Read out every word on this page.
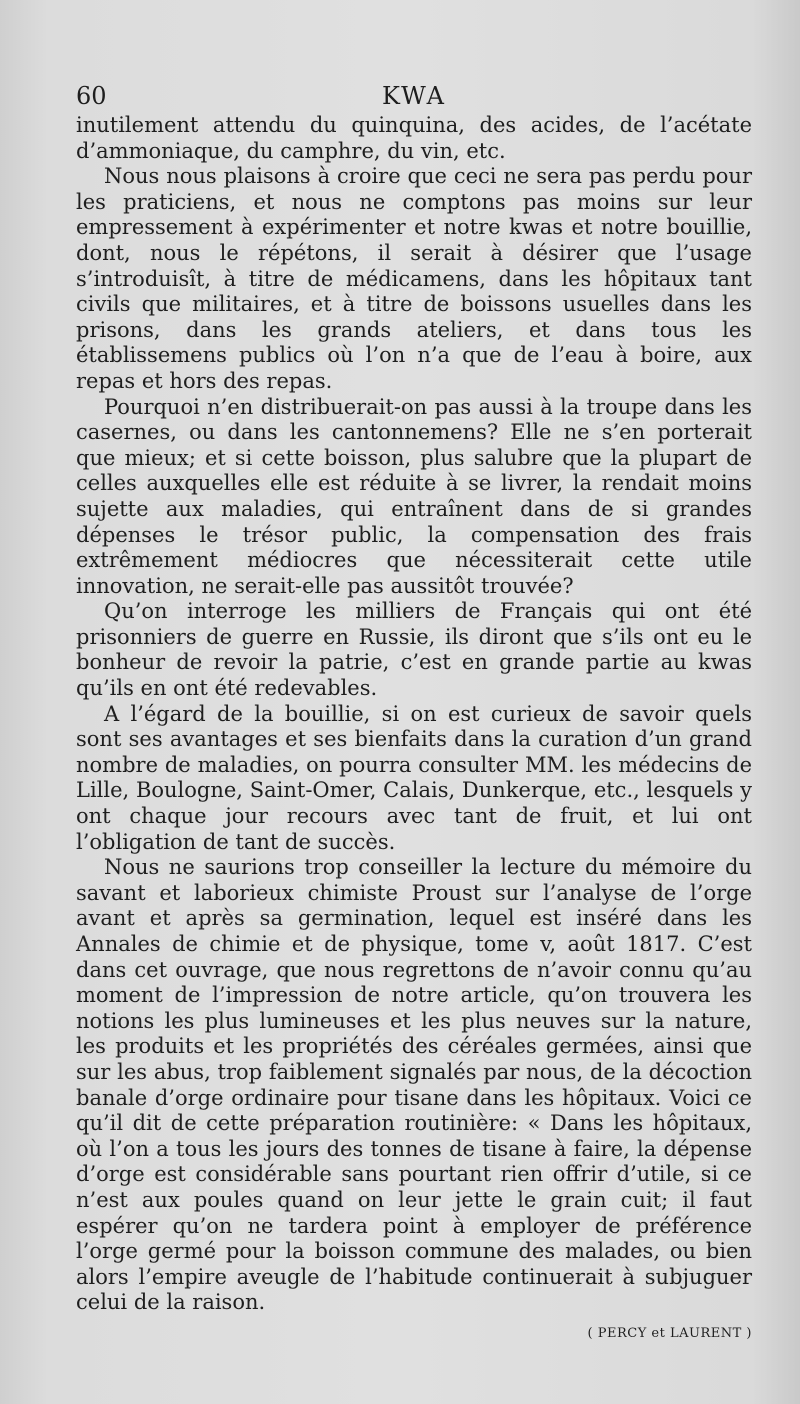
60	KWA

inutilement attendu du quinquina, des acides, de l’acétate d’ammoniaque, du camphre, du vin, etc.

Nous nous plaisons à croire que ceci ne sera pas perdu pour les praticiens, et nous ne comptons pas moins sur leur empressement à expérimenter et notre kwas et notre bouillie, dont, nous le répétons, il serait à désirer que l’usage s’introduisît, à titre de médicamens, dans les hôpitaux tant civils que militaires, et à titre de boissons usuelles dans les prisons, dans les grands ateliers, et dans tous les établissemens publics où l’on n’a que de l’eau à boire, aux repas et hors des repas.

Pourquoi n’en distribuerait-on pas aussi à la troupe dans les casernes, ou dans les cantonnemens? Elle ne s’en porterait que mieux; et si cette boisson, plus salubre que la plupart de celles auxquelles elle est réduite à se livrer, la rendait moins sujette aux maladies, qui entraînent dans de si grandes dépenses le trésor public, la compensation des frais extrêmement médiocres que nécessiterait cette utile innovation, ne serait-elle pas aussitôt trouvée?

Qu’on interroge les milliers de Français qui ont été prisonniers de guerre en Russie, ils diront que s’ils ont eu le bonheur de revoir la patrie, c’est en grande partie au kwas qu’ils en ont été redevables.

A l’égard de la bouillie, si on est curieux de savoir quels sont ses avantages et ses bienfaits dans la curation d’un grand nombre de maladies, on pourra consulter MM. les médecins de Lille, Boulogne, Saint-Omer, Calais, Dunkerque, etc., lesquels y ont chaque jour recours avec tant de fruit, et lui ont l’obligation de tant de succès.

Nous ne saurions trop conseiller la lecture du mémoire du savant et laborieux chimiste Proust sur l’analyse de l’orge avant et après sa germination, lequel est inséré dans les Annales de chimie et de physique, tome v, août 1817. C’est dans cet ouvrage, que nous regrettons de n’avoir connu qu’au moment de l’impression de notre article, qu’on trouvera les notions les plus lumineuses et les plus neuves sur la nature, les produits et les propriétés des céréales germées, ainsi que sur les abus, trop faiblement signalés par nous, de la décoction banale d’orge ordinaire pour tisane dans les hôpitaux. Voici ce qu’il dit de cette préparation routinière: « Dans les hôpitaux, où l’on a tous les jours des tonnes de tisane à faire, la dépense d’orge est considérable sans pourtant rien offrir d’utile, si ce n’est aux poules quand on leur jette le grain cuit; il faut espérer qu’on ne tardera point à employer de préférence l’orge germé pour la boisson commune des malades, ou bien alors l’empire aveugle de l’habitude continuerait à subjuguer celui de la raison.

( PERCY et LAURENT )
